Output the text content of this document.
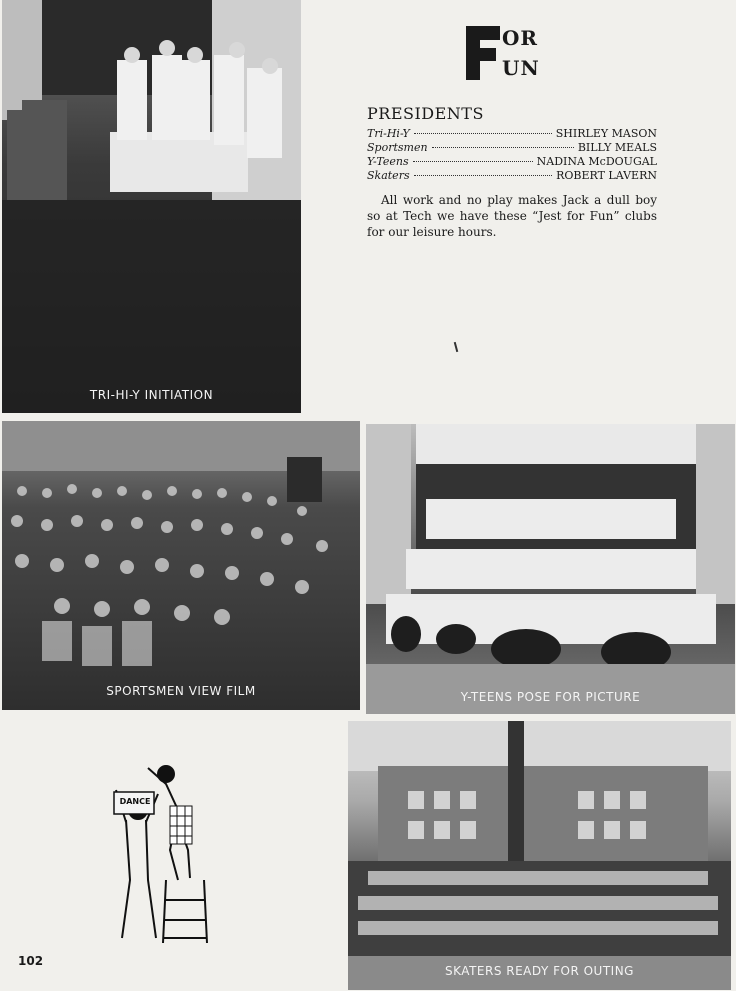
TRI-HI-Y INITIATION
OR
UN
PRESIDENTS
Tri-Hi-Y	SHIRLEY MASON
Sportsmen	BILLY MEALS
Y-Teens	NADINA McDOUGAL
Skaters	ROBERT LAVERN

All work and no play makes Jack a dull boy so at Tech we have these “Jest for Fun” clubs for our leisure hours.

SPORTSMEN VIEW FILM	Y-TEENS POSE FOR PICTURE
DANCE
SKATERS READY FOR OUTING
102
